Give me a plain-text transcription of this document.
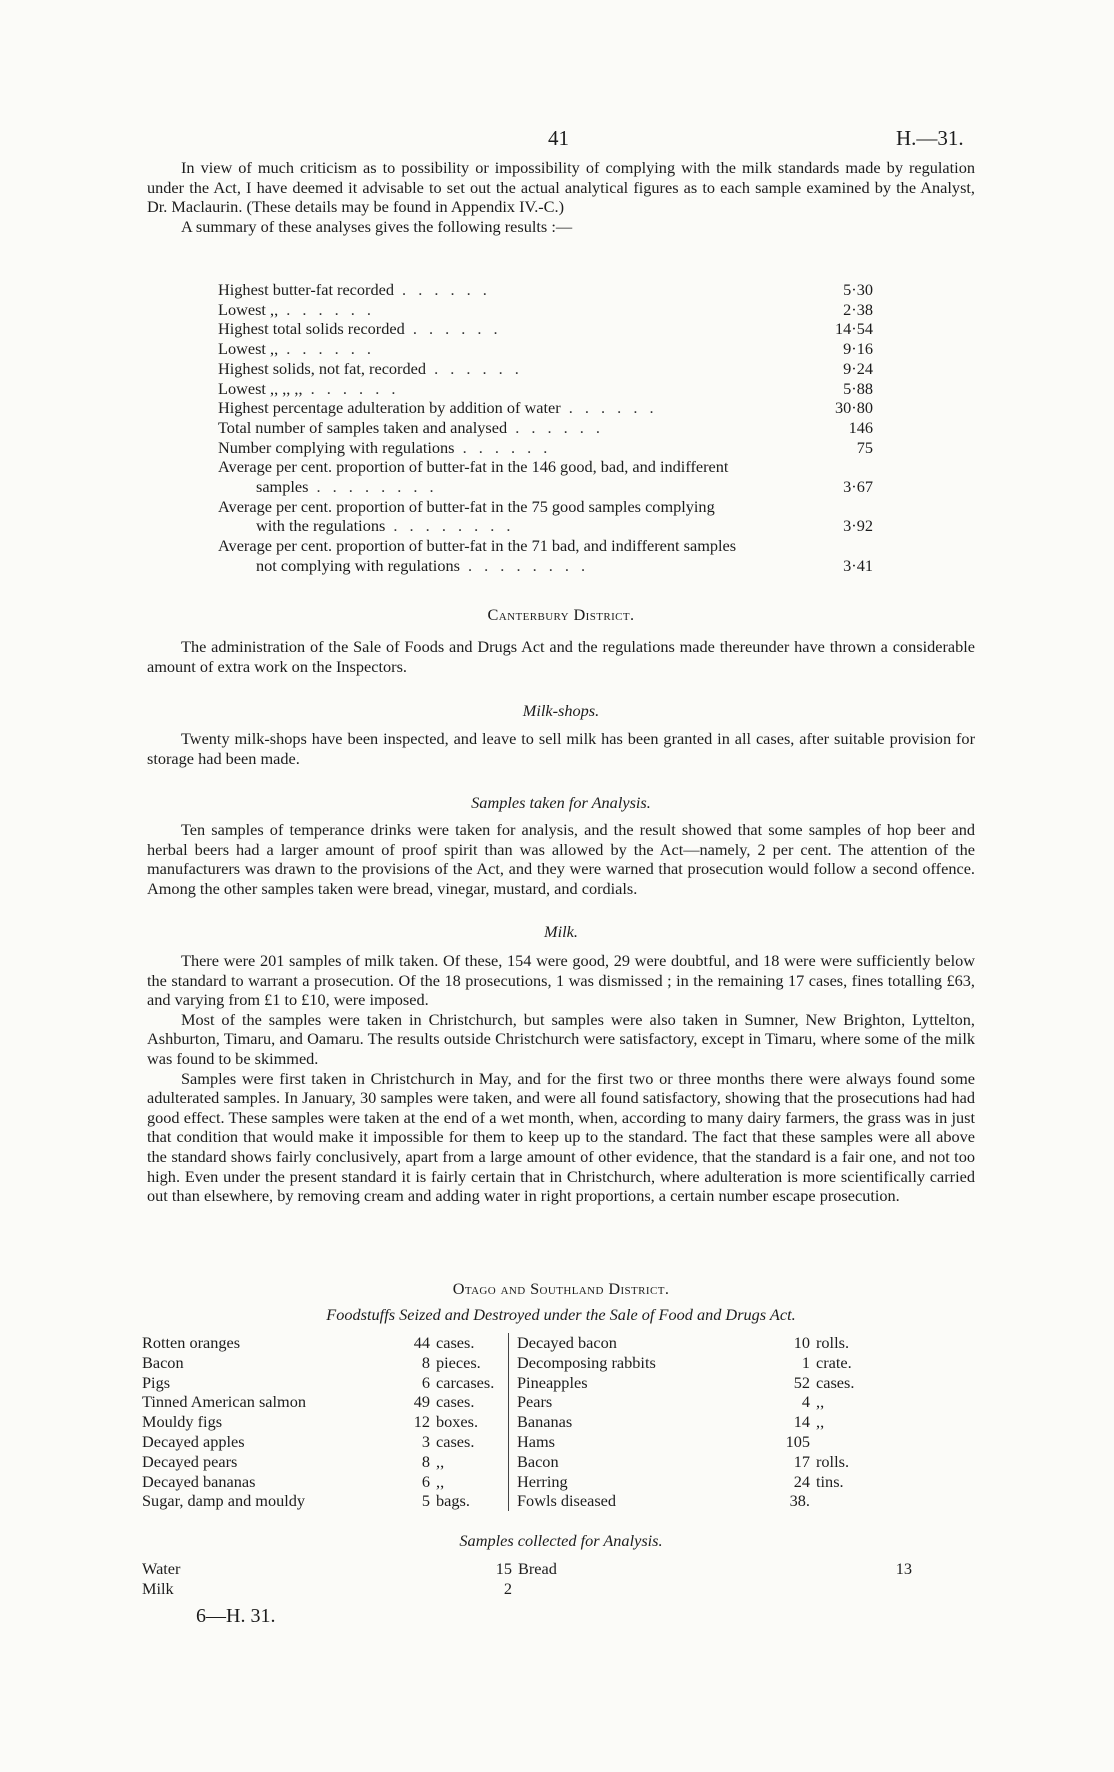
41	H.—31.

In view of much criticism as to possibility or impossibility of complying with the milk standards made by regulation under the Act, I have deemed it advisable to set out the actual analytical figures as to each sample examined by the Analyst, Dr. Maclaurin. (These details may be found in Appendix IV.-C.)

A summary of these analyses gives the following results :—

Highest butter-fat recorded . . . . . .	5·30
Lowest ,, . . . . . .	2·38
Highest total solids recorded . . . . . .	14·54
Lowest ,, . . . . . .	9·16
Highest solids, not fat, recorded . . . . . .	9·24
Lowest ,, ,, ,, . . . . . .	5·88
Highest percentage adulteration by addition of water . . . . . .	30·80
Total number of samples taken and analysed . . . . . .	146
Number complying with regulations . . . . . .	75
Average per cent. proportion of butter-fat in the 146 good, bad, and indifferent	
samples . . . . . . . .	3·67
Average per cent. proportion of butter-fat in the 75 good samples complying	
with the regulations . . . . . . . .	3·92
Average per cent. proportion of butter-fat in the 71 bad, and indifferent samples	
not complying with regulations . . . . . . . .	3·41
Canterbury District.

The administration of the Sale of Foods and Drugs Act and the regulations made thereunder have thrown a considerable amount of extra work on the Inspectors.

Milk-shops.

Twenty milk-shops have been inspected, and leave to sell milk has been granted in all cases, after suitable provision for storage had been made.

Samples taken for Analysis.

Ten samples of temperance drinks were taken for analysis, and the result showed that some samples of hop beer and herbal beers had a larger amount of proof spirit than was allowed by the Act—namely, 2 per cent. The attention of the manufacturers was drawn to the provisions of the Act, and they were warned that prosecution would follow a second offence. Among the other samples taken were bread, vinegar, mustard, and cordials.

Milk.

There were 201 samples of milk taken. Of these, 154 were good, 29 were doubtful, and 18 were were sufficiently below the standard to warrant a prosecution. Of the 18 prosecutions, 1 was dismissed ; in the remaining 17 cases, fines totalling £63, and varying from £1 to £10, were imposed.

Most of the samples were taken in Christchurch, but samples were also taken in Sumner, New Brighton, Lyttelton, Ashburton, Timaru, and Oamaru. The results outside Christchurch were satisfactory, except in Timaru, where some of the milk was found to be skimmed.

Samples were first taken in Christchurch in May, and for the first two or three months there were always found some adulterated samples. In January, 30 samples were taken, and were all found satisfactory, showing that the prosecutions had had good effect. These samples were taken at the end of a wet month, when, according to many dairy farmers, the grass was in just that condition that would make it impossible for them to keep up to the standard. The fact that these samples were all above the standard shows fairly conclusively, apart from a large amount of other evidence, that the standard is a fair one, and not too high. Even under the present standard it is fairly certain that in Christchurch, where adulteration is more scientifically carried out than elsewhere, by removing cream and adding water in right proportions, a certain number escape prosecution.

Otago and Southland District.
Foodstuffs Seized and Destroyed under the Sale of Food and Drugs Act.
Rotten oranges	44	cases.	Decayed bacon	10	rolls.
Bacon	8	pieces.	Decomposing rabbits	1	crate.
Pigs	6	carcases.	Pineapples	52	cases.
Tinned American salmon	49	cases.	Pears	4	,,
Mouldy figs	12	boxes.	Bananas	14	,,
Decayed apples	3	cases.	Hams	105	
Decayed pears	8	,,	Bacon	17	rolls.
Decayed bananas	6	,,	Herring	24	tins.
Sugar, damp and mouldy	5	bags.	Fowls diseased	38.	
Samples collected for Analysis.
Water	15	Bread	13
Milk	2		
6—H. 31.
